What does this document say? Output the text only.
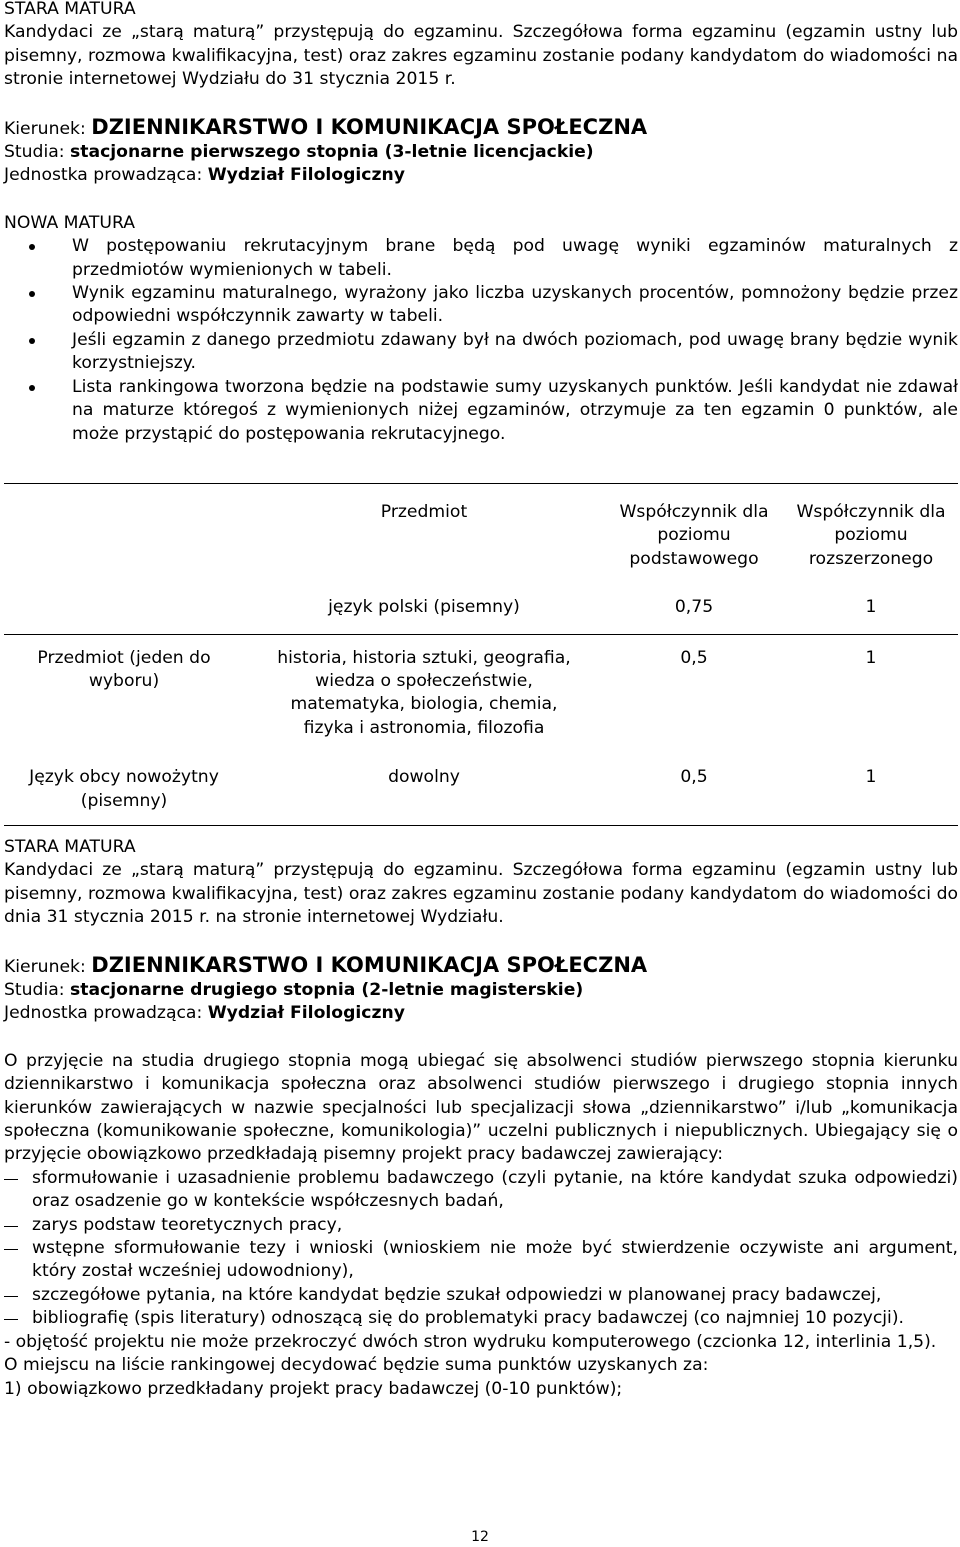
STARA MATURA

Kandydaci ze „starą maturą” przystępują do egzaminu. Szczegółowa forma egzaminu (egzamin ustny lub pisemny, rozmowa kwalifikacyjna, test) oraz zakres egzaminu zostanie podany kandydatom do wiadomości na stronie internetowej Wydziału do 31 stycznia 2015 r.

Kierunek: DZIENNIKARSTWO I KOMUNIKACJA SPOŁECZNA

Studia: stacjonarne pierwszego stopnia (3-letnie licencjackie)

Jednostka prowadząca: Wydział Filologiczny

NOWA MATURA

W postępowaniu rekrutacyjnym brane będą pod uwagę wyniki egzaminów maturalnych z przedmiotów wymienionych w tabeli.
Wynik egzaminu maturalnego, wyrażony jako liczba uzyskanych procentów, pomnożony będzie przez odpowiedni współczynnik zawarty w tabeli.
Jeśli egzamin z danego przedmiotu zdawany był na dwóch poziomach, pod uwagę brany będzie wynik korzystniejszy.
Lista rankingowa tworzona będzie na podstawie sumy uzyskanych punktów. Jeśli kandydat nie zdawał na maturze któregoś z wymienionych niżej egzaminów, otrzymuje za ten egzamin 0 punktów, ale może przystąpić do postępowania rekrutacyjnego.
	Przedmiot	Współczynnik dla poziomu podstawowego	Współczynnik dla poziomu rozszerzonego
	język polski (pisemny)	0,75	1
Przedmiot (jeden do wyboru)	historia, historia sztuki, geografia, wiedza o społeczeństwie, matematyka, biologia, chemia, fizyka i astronomia, filozofia	0,5	1
Język obcy nowożytny (pisemny)	dowolny	0,5	1

STARA MATURA

Kandydaci ze „starą maturą” przystępują do egzaminu. Szczegółowa forma egzaminu (egzamin ustny lub pisemny, rozmowa kwalifikacyjna, test) oraz zakres egzaminu zostanie podany kandydatom do wiadomości do dnia 31 stycznia 2015 r. na stronie internetowej Wydziału.

Kierunek: DZIENNIKARSTWO I KOMUNIKACJA SPOŁECZNA

Studia: stacjonarne drugiego stopnia (2-letnie magisterskie)

Jednostka prowadząca: Wydział Filologiczny

O przyjęcie na studia drugiego stopnia mogą ubiegać się absolwenci studiów pierwszego stopnia kierunku dziennikarstwo i komunikacja społeczna oraz absolwenci studiów pierwszego i drugiego stopnia innych kierunków zawierających w nazwie specjalności lub specjalizacji słowa „dziennikarstwo” i/lub „komunikacja społeczna (komunikowanie społeczne, komunikologia)” uczelni publicznych i niepublicznych. Ubiegający się o przyjęcie obowiązkowo przedkładają pisemny projekt pracy badawczej zawierający:

sformułowanie i uzasadnienie problemu badawczego (czyli pytanie, na które kandydat szuka odpowiedzi) oraz osadzenie go w kontekście współczesnych badań,
zarys podstaw teoretycznych pracy,
wstępne sformułowanie tezy i wnioski (wnioskiem nie może być stwierdzenie oczywiste ani argument, który został wcześniej udowodniony),
szczegółowe pytania, na które kandydat będzie szukał odpowiedzi w planowanej pracy badawczej,
bibliografię (spis literatury) odnoszącą się do problematyki pracy badawczej (co najmniej 10 pozycji).

- objętość projektu nie może przekroczyć dwóch stron wydruku komputerowego (czcionka 12, interlinia 1,5).

O miejscu na liście rankingowej decydować będzie suma punktów uzyskanych za:

1) obowiązkowo przedkładany projekt pracy badawczej (0-10 punktów);

12
